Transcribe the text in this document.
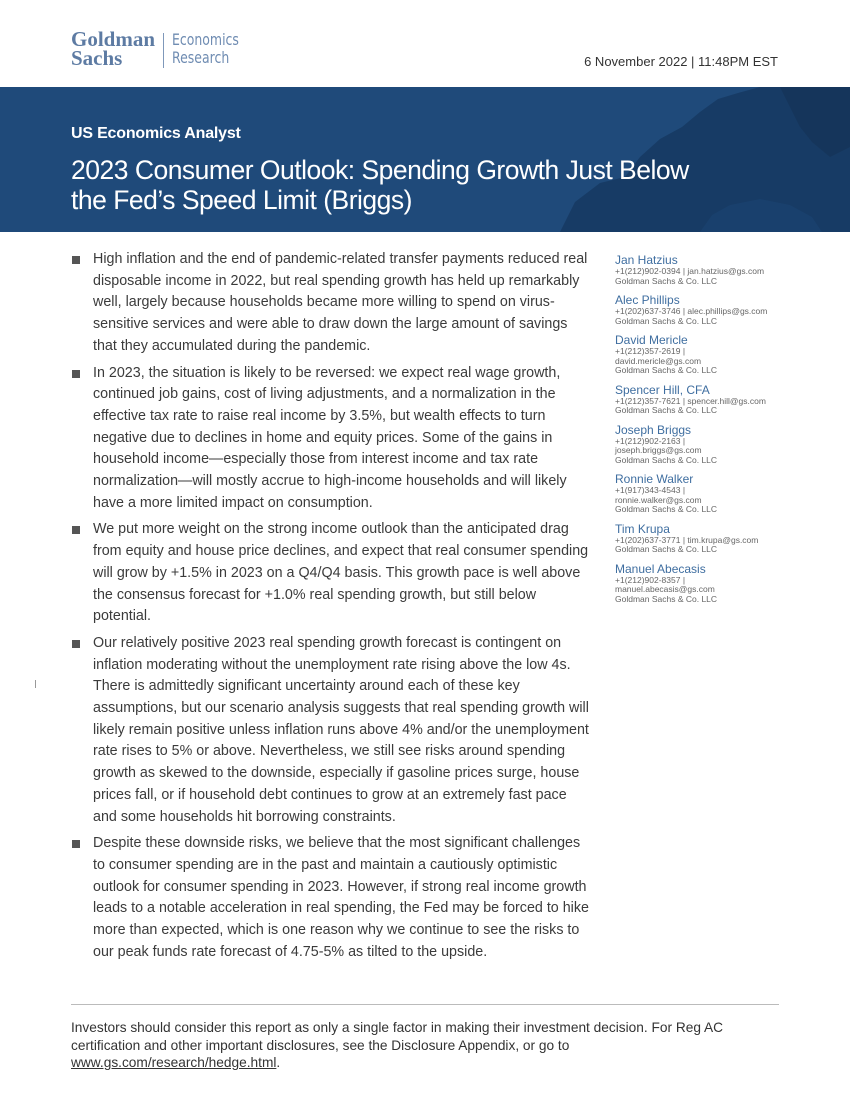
Goldman
Sachs
Economics
Research	6 November 2022 | 11:48PM EST
US Economics Analyst
2023 Consumer Outlook: Spending Growth Just Below the Fed’s Speed Limit (Briggs)
High inflation and the end of pandemic-related transfer payments reduced real disposable income in 2022, but real spending growth has held up remarkably well, largely because households became more willing to spend on virus-sensitive services and were able to draw down the large amount of savings that they accumulated during the pandemic.
In 2023, the situation is likely to be reversed: we expect real wage growth, continued job gains, cost of living adjustments, and a normalization in the effective tax rate to raise real income by 3.5%, but wealth effects to turn negative due to declines in home and equity prices. Some of the gains in household income—especially those from interest income and tax rate normalization—will mostly accrue to high-income households and will likely have a more limited impact on consumption.
We put more weight on the strong income outlook than the anticipated drag from equity and house price declines, and expect that real consumer spending will grow by +1.5% in 2023 on a Q4/Q4 basis. This growth pace is well above the consensus forecast for +1.0% real spending growth, but still below potential.
Our relatively positive 2023 real spending growth forecast is contingent on inflation moderating without the unemployment rate rising above the low 4s. There is admittedly significant uncertainty around each of these key assumptions, but our scenario analysis suggests that real spending growth will likely remain positive unless inflation runs above 4% and/or the unemployment rate rises to 5% or above. Nevertheless, we still see risks around spending growth as skewed to the downside, especially if gasoline prices surge, house prices fall, or if household debt continues to grow at an extremely fast pace and some households hit borrowing constraints.
Despite these downside risks, we believe that the most significant challenges to consumer spending are in the past and maintain a cautiously optimistic outlook for consumer spending in 2023. However, if strong real income growth leads to a notable acceleration in real spending, the Fed may be forced to hike more than expected, which is one reason why we continue to see the risks to our peak funds rate forecast of 4.75-5% as tilted to the upside.
Jan Hatzius
+1(212)902-0394 | jan.hatzius@gs.com
Goldman Sachs & Co. LLC
Alec Phillips
+1(202)637-3746 | alec.phillips@gs.com
Goldman Sachs & Co. LLC
David Mericle
+1(212)357-2619 | david.mericle@gs.com
Goldman Sachs & Co. LLC
Spencer Hill, CFA
+1(212)357-7621 | spencer.hill@gs.com
Goldman Sachs & Co. LLC
Joseph Briggs
+1(212)902-2163 | joseph.briggs@gs.com
Goldman Sachs & Co. LLC
Ronnie Walker
+1(917)343-4543 | ronnie.walker@gs.com
Goldman Sachs & Co. LLC
Tim Krupa
+1(202)637-3771 | tim.krupa@gs.com
Goldman Sachs & Co. LLC
Manuel Abecasis
+1(212)902-8357 | manuel.abecasis@gs.com
Goldman Sachs & Co. LLC
Investors should consider this report as only a single factor in making their investment decision. For Reg AC certification and other important disclosures, see the Disclosure Appendix, or go to
www.gs.com/research/hedge.html.
